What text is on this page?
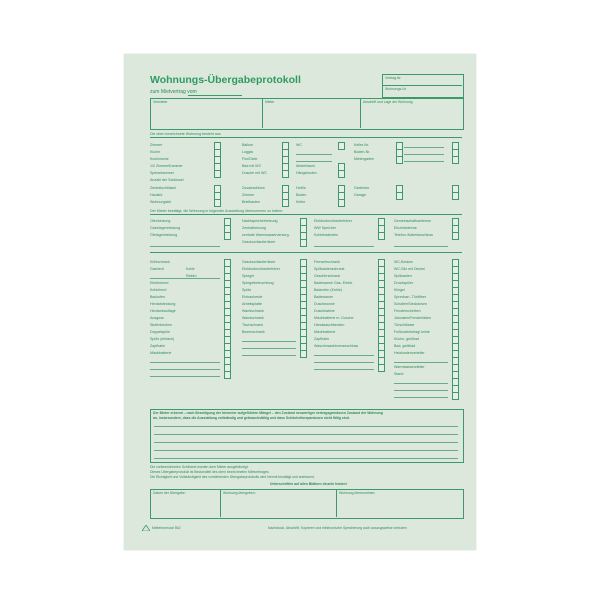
Wohnungs-Übergabeprotokoll
zum Mietvertrag vom
Vertrag-Nr.
Wohnungs-Nr.
Vermieter	Mieter	Anschrift und Lage der Wohnung
Die oben bezeichnete Wohnung besteht aus
Zimmer
Küche
Kochnische
1/2 Zimmer/Kammer
Speisekammer
Balkon
Loggia
Flur/Diele
Bad mit WC
Dusche mit WC
WC
Abstellraum
Hängeboden
Keller-Nr.
Boden-Nr.
Mietergarten
Anzahl der Schlüssel
Zentralschlüssel
Haustür
Wohnungstür
Zusatzschloss
Zimmer
Briefkasten
Hoftür
Boden
Keller
Gartentor
Garage
Der Mieter bestätigt, die Wohnung in folgender Ausstattung übernommen zu haben:
Ofenheizung
Gasetagenheizung
Öletagenheizung
Nachtspeicherheizung
Zentralheizung
zentrale Warmwasserversorg.
Gasdurchlauferhitzer
Elektrodurchlauferhitzer
WW Speicher
Kohlebadeofen
Gemeinschaftsantenne
Einzelantenne
Telefon-/Kabelanschluss
Kühlschrank
Gasherd
Elektroherd
Kohleherd
Backofen
Herdabdeckung
Herdanbauflage
Ausguss
Stufenbecken
Doppelspüle
Spüle (einfach)
Zapfhahn
Mischbatterie
Gasdurchlauferhitzer
Elektrodurchlauferhitzer
Spiegel
Spiegelbeleuchtung
Spüle
Einbauherde
Arbeitsplatte
Wandschrank
Wandschrank
Tischschrank
Besenschrank
Fernsehschrank
Spülkastenschrank
Geschirrschrank
Badewanne Gas- Elektr.
Badeofen (Kohle)
Badewanne
Duschwanne
Duschkabine
Mischbatterie m. Dusche
Handwaschbecken
Mischbatterie
Zapfhahn
Waschmaschinenanschluss
WC-Becken
WC-Sitz mit Deckel
Spülkasten
Druckspüler
Klingel
Sprechan.-Türöffner
Schalter/Steckdosen
Fensterscheiben
Jalousien/Fensterläden
Türschlösser
Fußbodenbelag/-leiste
Küche, geölbad
Bad, geölbad
Heizkostenverteiler
Warmwasserzähler
Stand
Kohle
Elektro
Der Mieter erkennt – nach Beseitigung der hiernnter aufgeführten Mängel – den Zustand neuwertiger vertragsgemässen Zustand der Wohnung
an, insbesondere, dass die Ausstattung vollständig und gebrauchsfähig und dass Schönheitsreparaturen nicht fällig sind.
Die vorbezeichneten Schlüssel wurden dem Mieter ausgehändigt.
Dieses Übergabeprotokoll ist Bestandteil des oben bezeichneten Mietvertrages.
Die Richtigkeit und Vollständigkeit des vorstehenden Übergabeprotokolls wird hiermit bestätigt und anerkannt.
Unterschriften auf allen Blättern einzeln leisten!
Datum der Übergabe:	Wohnung übergeben:	Wohnung übernommen:
Mieterformular 562	Nachdruck, Abschrift, Kopieren und elektronische Speicherung auch auszugsweise verboten
